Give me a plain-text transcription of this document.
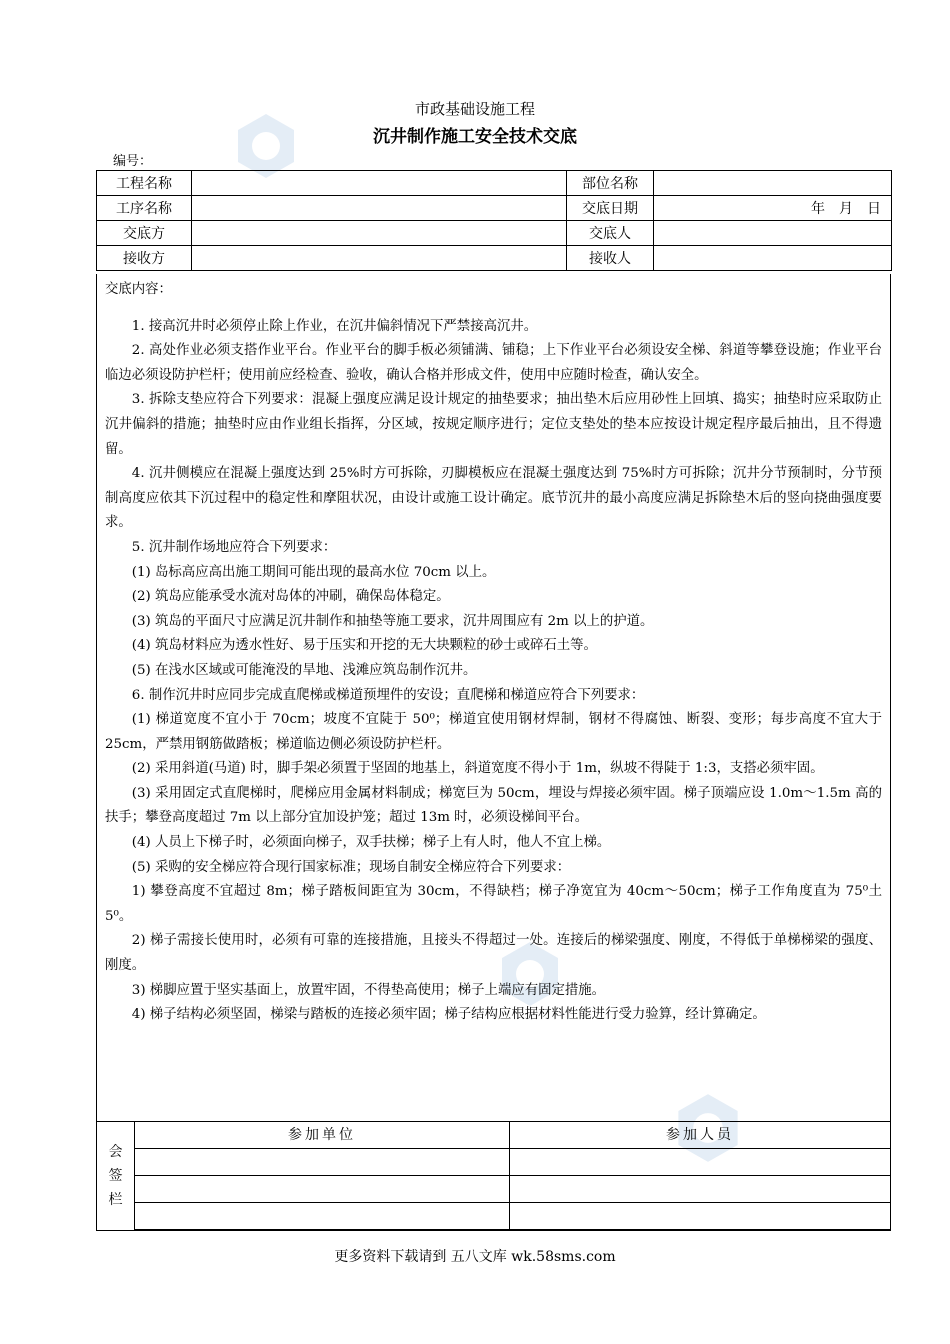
市政基础设施工程
沉井制作施工安全技术交底
编号：
工程名称		部位名称	
工序名称		交底日期	年　月　日
交底方		交底人	
接收方		接收人	
交底内容：

1. 接高沉井时必须停止除上作业，在沉井偏斜情况下严禁接高沉井。

2. 高处作业必须支搭作业平台。作业平台的脚手板必须铺满、铺稳；上下作业平台必须设安全梯、斜道等攀登设施；作业平台临边必须设防护栏杆；使用前应经检查、验收，确认合格并形成文件，使用中应随时检查，确认安全。

3. 拆除支垫应符合下列要求：混凝上强度应满足设计规定的抽垫要求；抽出垫木后应用砂性上回填、捣实；抽垫时应采取防止沉井偏斜的措施；抽垫时应由作业组长指挥，分区域，按规定顺序进行；定位支垫处的垫本应按设计规定程序最后抽出，且不得遗留。

4. 沉井侧模应在混凝上强度达到 25%时方可拆除，刃脚模板应在混凝土强度达到 75%时方可拆除；沉井分节预制时，分节预制高度应依其下沉过程中的稳定性和摩阻状况，由设计或施工设计确定。底节沉井的最小高度应满足拆除垫木后的竖向挠曲强度要求。

5. 沉井制作场地应符合下列要求：

(1) 岛标高应高出施工期间可能出现的最高水位 70cm 以上。

(2) 筑岛应能承受水流对岛体的冲刷，确保岛体稳定。

(3) 筑岛的平面尺寸应满足沉井制作和抽垫等施工要求，沉井周围应有 2m 以上的护道。

(4) 筑岛材料应为透水性好、易于压实和开挖的无大块颗粒的砂士或碎石土等。

(5) 在浅水区域或可能淹没的旱地、浅滩应筑岛制作沉井。

6. 制作沉井时应同步完成直爬梯或梯道预埋件的安设；直爬梯和梯道应符合下列要求：

(1) 梯道宽度不宜小于 70cm；坡度不宜陡于 50⁰；梯道宜使用钢材焊制，钢材不得腐蚀、断裂、变形；每步高度不宜大于 25cm，严禁用钢筋做踏板；梯道临边侧必须设防护栏杆。

(2) 采用斜道(马道) 时，脚手架必须置于坚固的地基上，斜道宽度不得小于 1m，纵坡不得陡于 1:3，支搭必须牢固。

(3) 采用固定式直爬梯时，爬梯应用金属材料制成；梯宽巨为 50cm，埋设与焊接必须牢固。梯子顶端应设 1.0m～1.5m 高的扶手；攀登高度超过 7m 以上部分宜加设护笼；超过 13m 时，必须设梯间平台。

(4) 人员上下梯子时，必须面向梯子，双手扶梯；梯子上有人时，他人不宜上梯。

(5) 采购的安全梯应符合现行国家标准；现场自制安全梯应符合下列要求：

1) 攀登高度不宜超过 8m；梯子踏板间距宜为 30cm，不得缺档；梯子净宽宜为 40cm～50cm；梯子工作角度直为 75⁰土 5⁰。

2) 梯子需接长使用时，必须有可靠的连接措施，且接头不得超过一处。连接后的梯梁强度、刚度，不得低于单梯梯梁的强度、刚度。

3) 梯脚应置于坚实基面上，放置牢固，不得垫高使用；梯子上端应有固定措施。

4) 梯子结构必须坚固，梯梁与踏板的连接必须牢固；梯子结构应根据材料性能进行受力验算，经计算确定。

会
签
栏
参加单位	参加人员
更多资料下载请到 五八文库 wk.58sms.com
